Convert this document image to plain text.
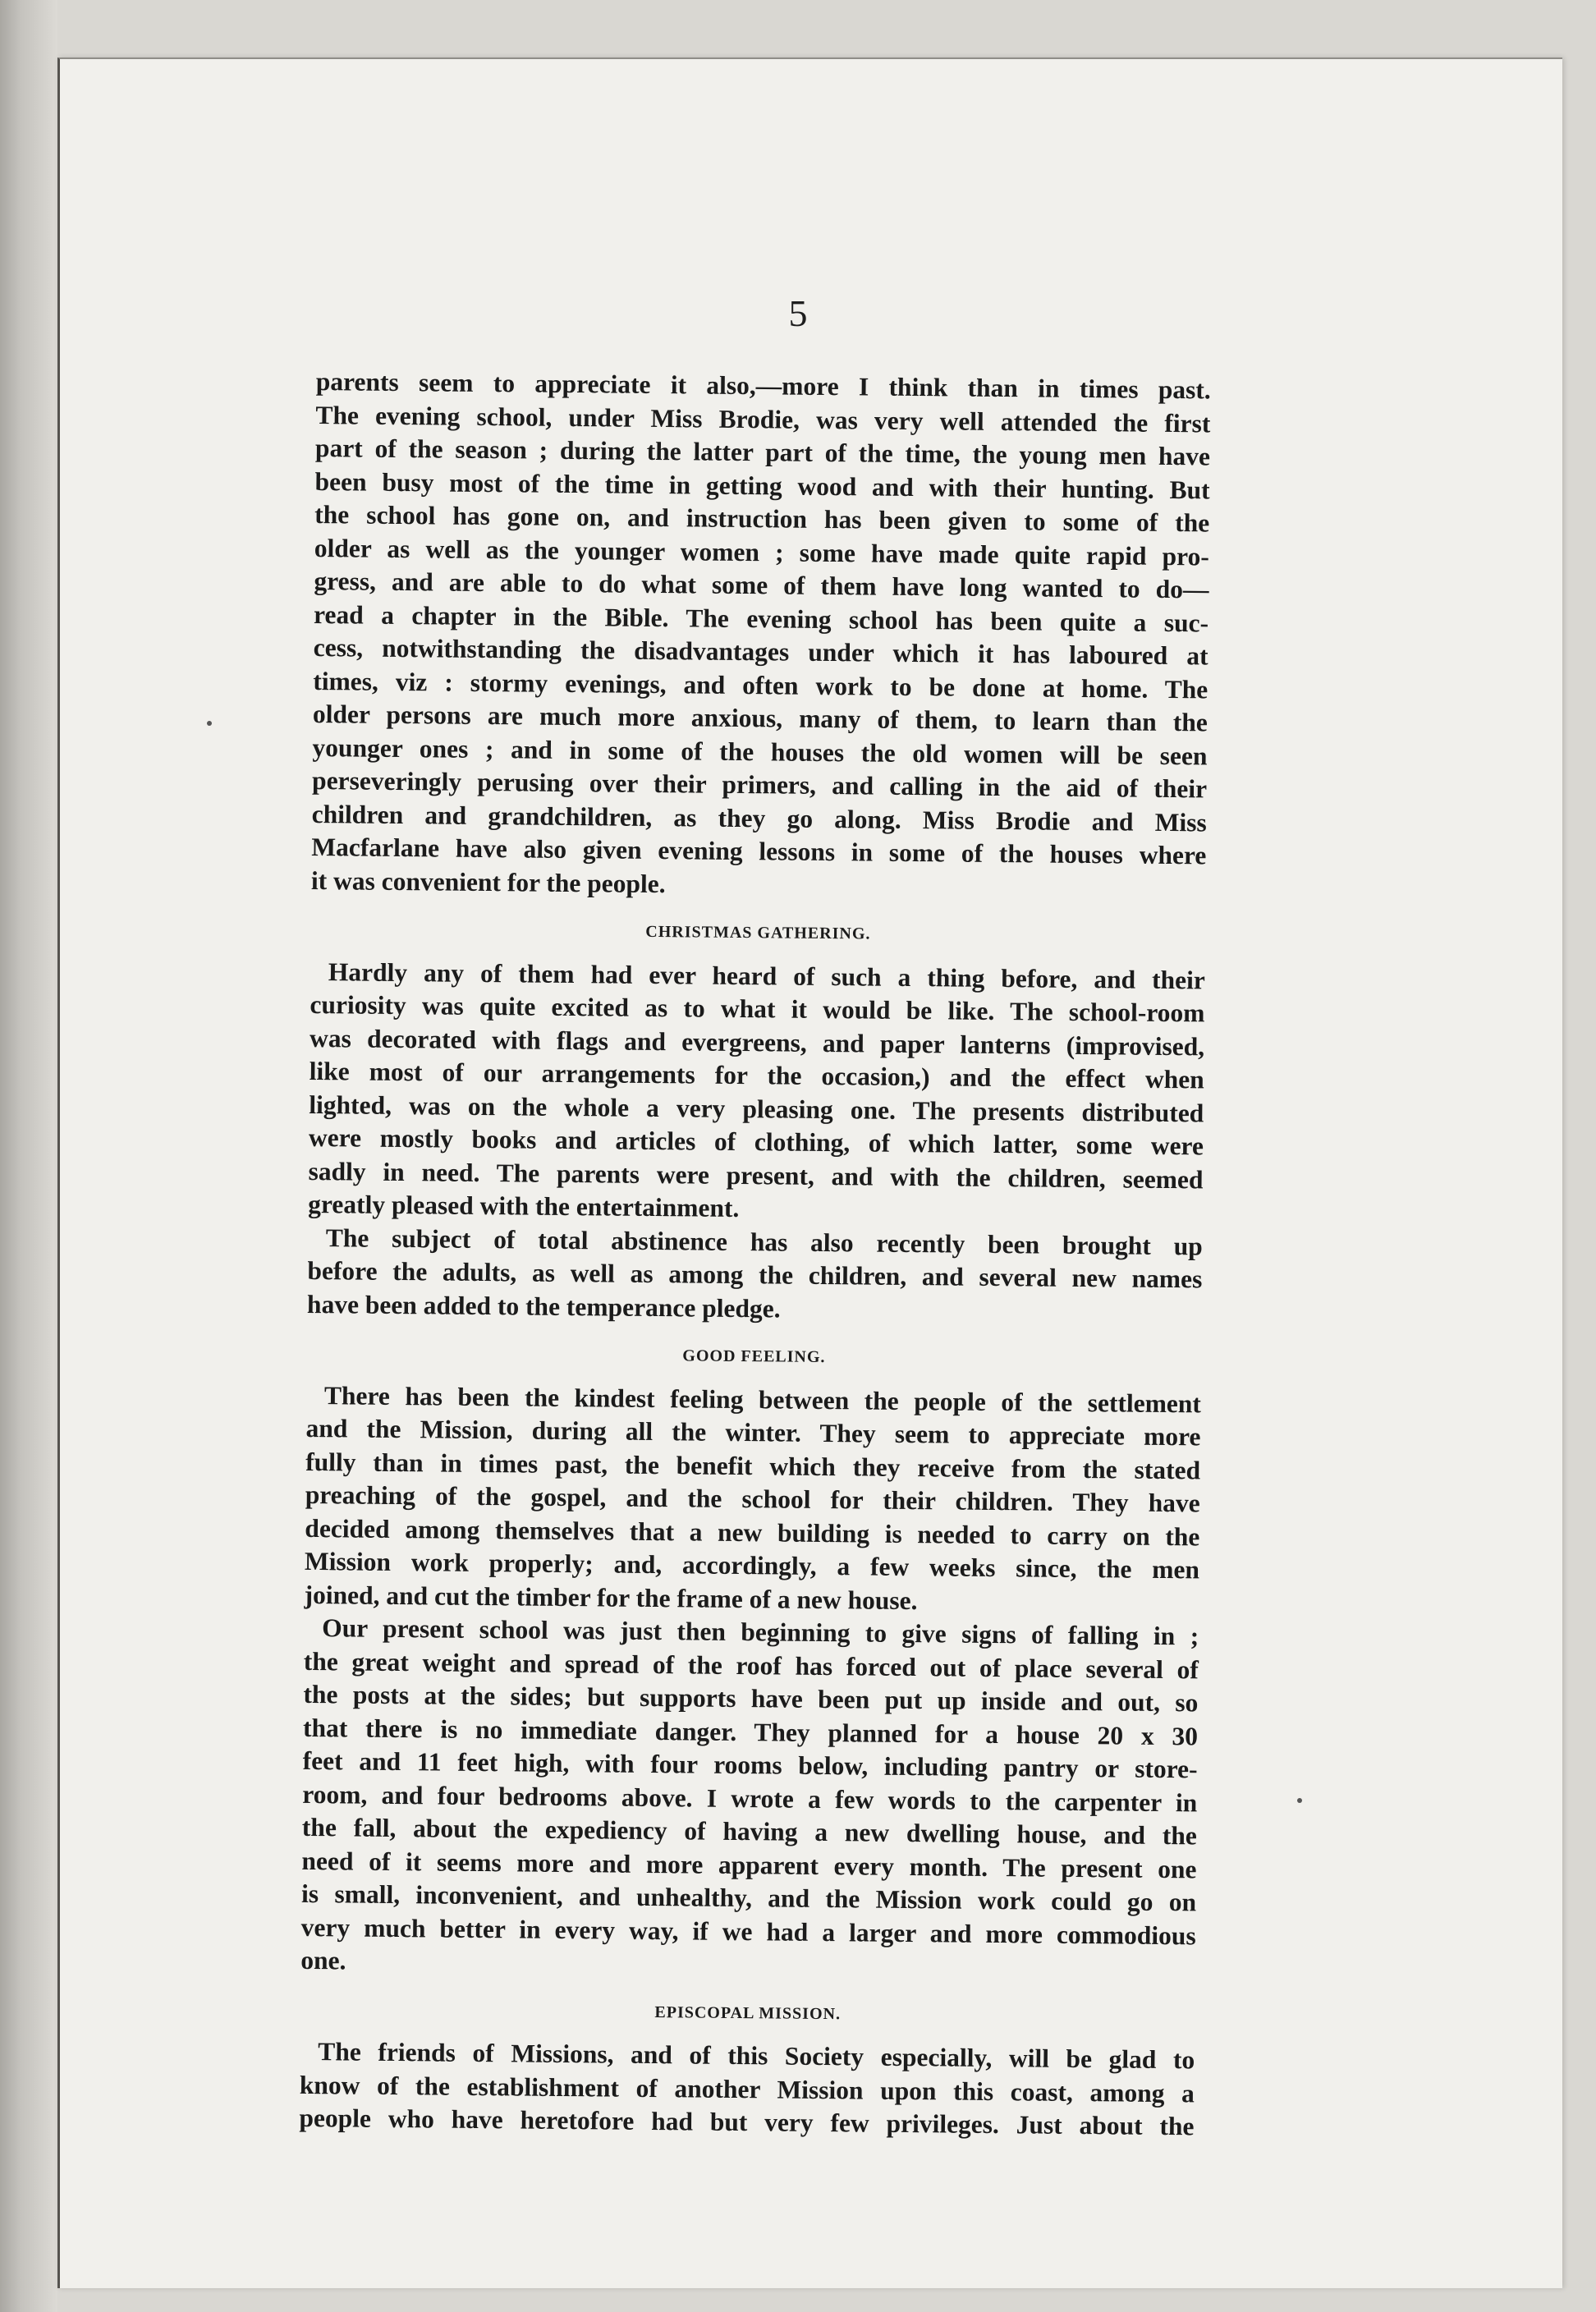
5
parents seem to appreciate it also,—more I think than in times past.
The evening school, under Miss Brodie, was very well attended the first
part of the season ; during the latter part of the time, the young men have
been busy most of the time in getting wood and with their hunting. But
the school has gone on, and instruction has been given to some of the
older as well as the younger women ; some have made quite rapid pro-
gress, and are able to do what some of them have long wanted to do—
read a chapter in the Bible. The evening school has been quite a suc-
cess, notwithstanding the disadvantages under which it has laboured at
times, viz : stormy evenings, and often work to be done at home. The
older persons are much more anxious, many of them, to learn than the
younger ones ; and in some of the houses the old women will be seen
perseveringly perusing over their primers, and calling in the aid of their
children and grandchildren, as they go along. Miss Brodie and Miss
Macfarlane have also given evening lessons in some of the houses where
it was convenient for the people.
CHRISTMAS GATHERING.
Hardly any of them had ever heard of such a thing before, and their
curiosity was quite excited as to what it would be like. The school-room
was decorated with flags and evergreens, and paper lanterns (improvised,
like most of our arrangements for the occasion,) and the effect when
lighted, was on the whole a very pleasing one. The presents distributed
were mostly books and articles of clothing, of which latter, some were
sadly in need. The parents were present, and with the children, seemed
greatly pleased with the entertainment.
The subject of total abstinence has also recently been brought up
before the adults, as well as among the children, and several new names
have been added to the temperance pledge.
GOOD FEELING.
There has been the kindest feeling between the people of the settlement
and the Mission, during all the winter. They seem to appreciate more
fully than in times past, the benefit which they receive from the stated
preaching of the gospel, and the school for their children. They have
decided among themselves that a new building is needed to carry on the
Mission work properly; and, accordingly, a few weeks since, the men
joined, and cut the timber for the frame of a new house.
Our present school was just then beginning to give signs of falling in ;
the great weight and spread of the roof has forced out of place several of
the posts at the sides; but supports have been put up inside and out, so
that there is no immediate danger. They planned for a house 20 x 30
feet and 11 feet high, with four rooms below, including pantry or store-
room, and four bedrooms above. I wrote a few words to the carpenter in
the fall, about the expediency of having a new dwelling house, and the
need of it seems more and more apparent every month. The present one
is small, inconvenient, and unhealthy, and the Mission work could go on
very much better in every way, if we had a larger and more commodious
one.
EPISCOPAL MISSION.
The friends of Missions, and of this Society especially, will be glad to
know of the establishment of another Mission upon this coast, among a
people who have heretofore had but very few privileges. Just about the
